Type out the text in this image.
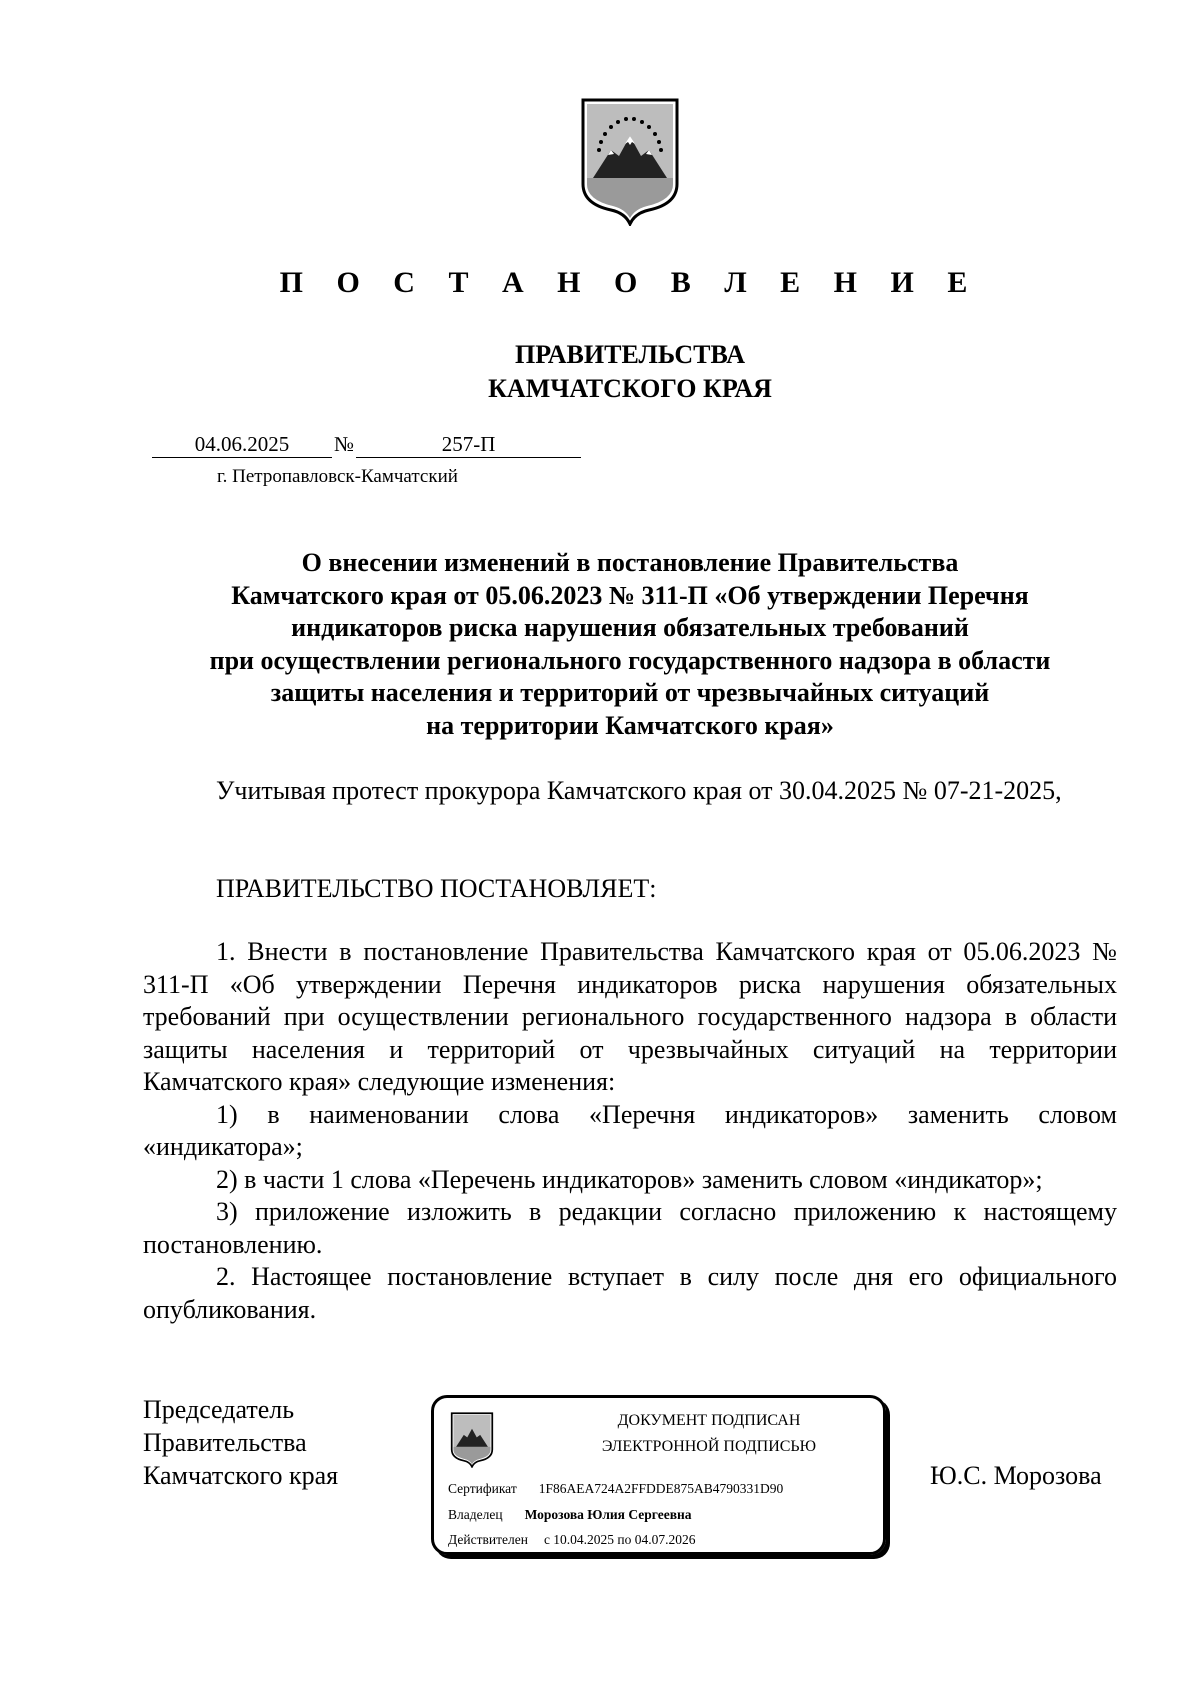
П О С Т А Н О В Л Е Н И Е
ПРАВИТЕЛЬСТВА
КАМЧАТСКОГО КРАЯ
04.06.2025 №	257-П
г. Петропавловск-Камчатский
О внесении изменений в постановление Правительства
Камчатского края от 05.06.2023 № 311-П «Об утверждении Перечня
индикаторов риска нарушения обязательных требований
при осуществлении регионального государственного надзора в области
защиты населения и территорий от чрезвычайных ситуаций
на территории Камчатского края»

Учитывая протест прокурора Камчатского края от 30.04.2025 № 07-21-2025,

ПРАВИТЕЛЬСТВО ПОСТАНОВЛЯЕТ:

1. Внести в постановление Правительства Камчатского края от 05.06.2023 № 311-П «Об утверждении Перечня индикаторов риска нарушения обязательных требований при осуществлении регионального государственного надзора в области защиты населения и территорий от чрезвычайных ситуаций на территории Камчатского края» следующие изменения:

1) в наименовании слова «Перечня индикаторов» заменить словом «индикатора»;

2) в части 1 слова «Перечень индикаторов» заменить словом «индикатор»;

3) приложение изложить в редакции согласно приложению к настоящему постановлению.

2. Настоящее постановление вступает в силу после дня его официального опубликования.

Председатель
Правительства
Камчатского края
ДОКУМЕНТ ПОДПИСАН
ЭЛЕКТРОННОЙ ПОДПИСЬЮ
Сертификат 1F86AEA724A2FFDDE875AB4790331D90
Владелец Морозова Юлия Сергеевна
Действителен с 10.04.2025 по 04.07.2026
Ю.С. Морозова
